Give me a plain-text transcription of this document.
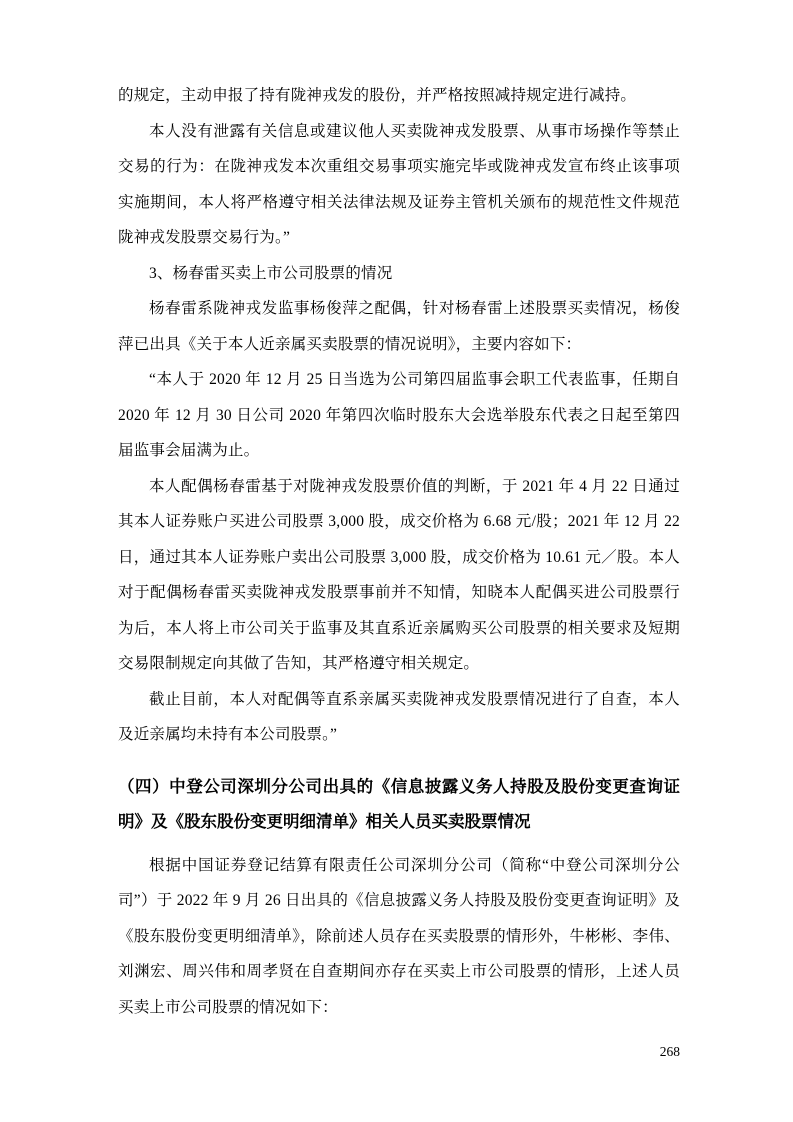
的规定，主动申报了持有陇神戎发的股份，并严格按照减持规定进行减持。

本人没有泄露有关信息或建议他人买卖陇神戎发股票、从事市场操作等禁止交易的行为：在陇神戎发本次重组交易事项实施完毕或陇神戎发宣布终止该事项实施期间，本人将严格遵守相关法律法规及证券主管机关颁布的规范性文件规范陇神戎发股票交易行为。”

3、杨春雷买卖上市公司股票的情况

杨春雷系陇神戎发监事杨俊萍之配偶，针对杨春雷上述股票买卖情况，杨俊萍已出具《关于本人近亲属买卖股票的情况说明》，主要内容如下：

“本人于 2020 年 12 月 25 日当选为公司第四届监事会职工代表监事，任期自 2020 年 12 月 30 日公司 2020 年第四次临时股东大会选举股东代表之日起至第四届监事会届满为止。

本人配偶杨春雷基于对陇神戎发股票价值的判断，于 2021 年 4 月 22 日通过其本人证券账户买进公司股票 3,000 股，成交价格为 6.68 元/股；2021 年 12 月 22 日，通过其本人证券账户卖出公司股票 3,000 股，成交价格为 10.61 元／股。本人对于配偶杨春雷买卖陇神戎发股票事前并不知情，知晓本人配偶买进公司股票行为后，本人将上市公司关于监事及其直系近亲属购买公司股票的相关要求及短期交易限制规定向其做了告知，其严格遵守相关规定。

截止目前，本人对配偶等直系亲属买卖陇神戎发股票情况进行了自查，本人及近亲属均未持有本公司股票。”

（四）中登公司深圳分公司出具的《信息披露义务人持股及股份变更查询证明》及《股东股份变更明细清单》相关人员买卖股票情况

根据中国证券登记结算有限责任公司深圳分公司（简称“中登公司深圳分公司”）于 2022 年 9 月 26 日出具的《信息披露义务人持股及股份变更查询证明》及《股东股份变更明细清单》，除前述人员存在买卖股票的情形外，牛彬彬、李伟、刘渊宏、周兴伟和周孝贤在自查期间亦存在买卖上市公司股票的情形，上述人员买卖上市公司股票的情况如下：

268
